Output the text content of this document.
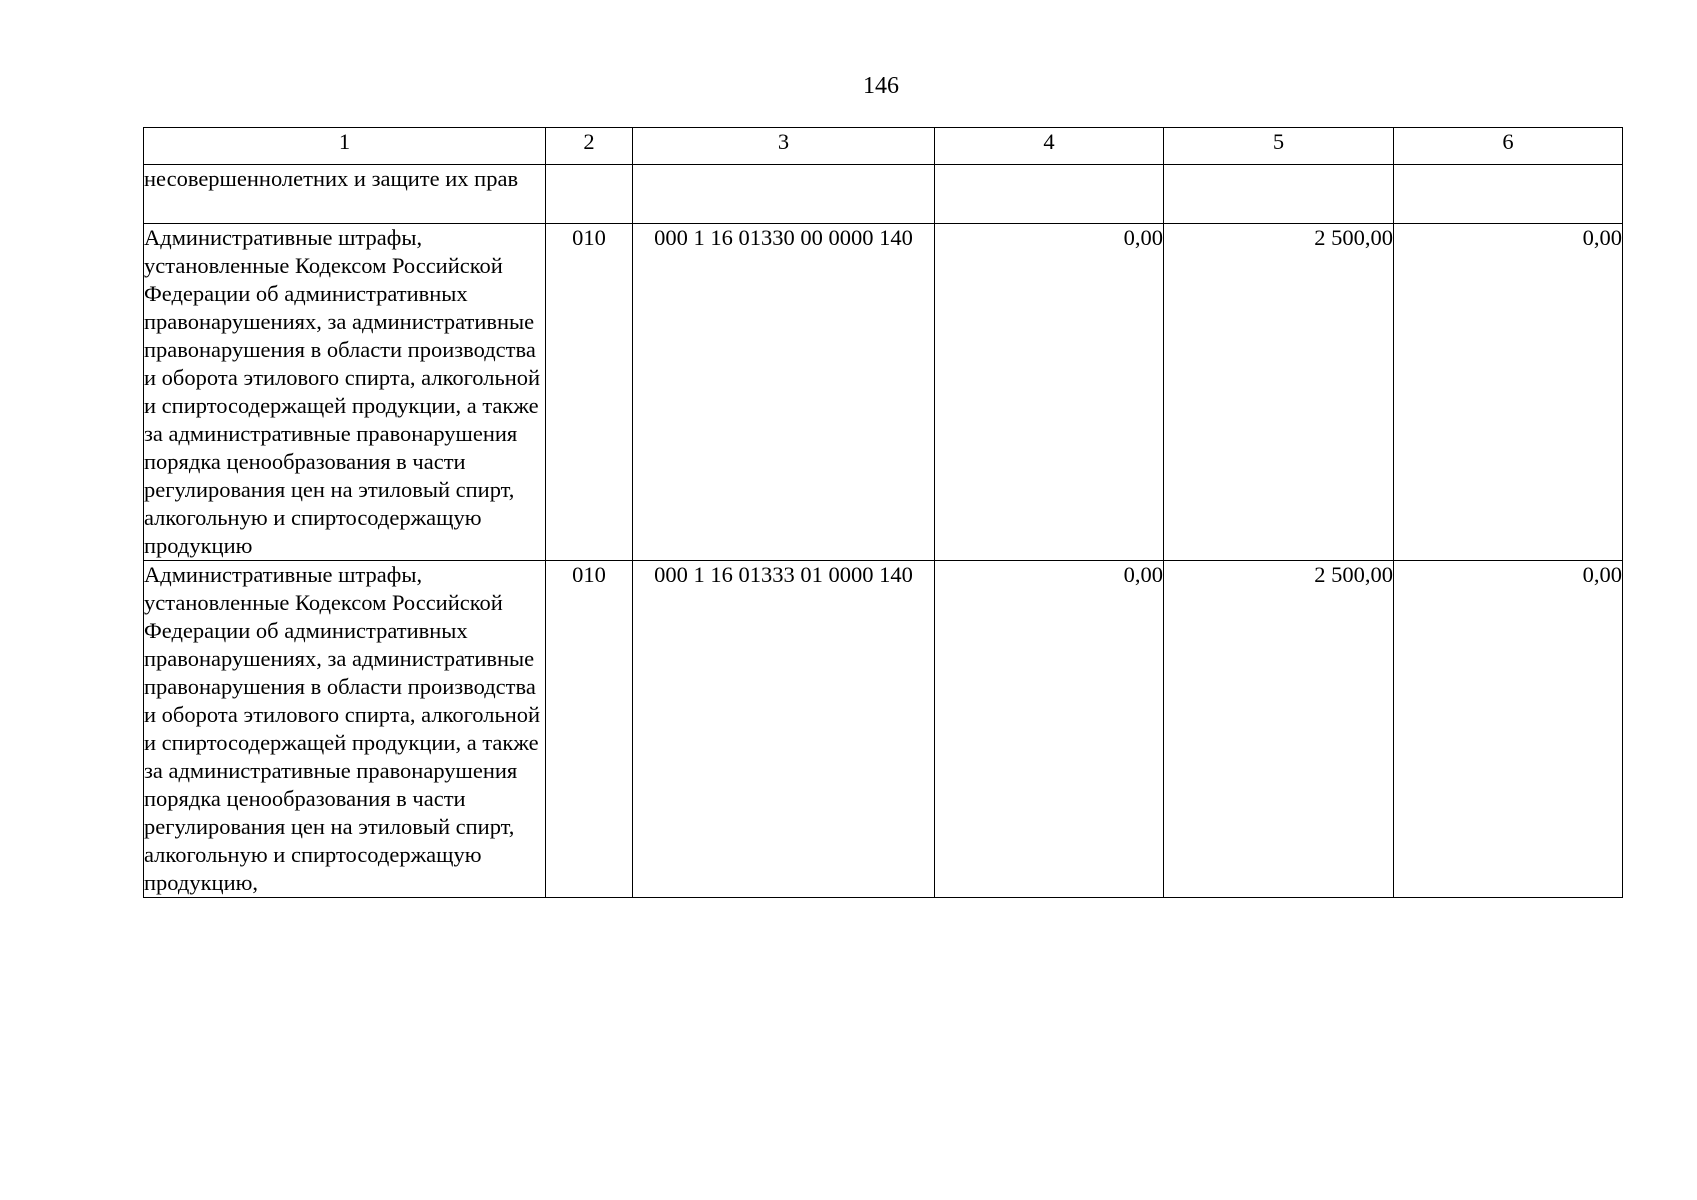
146
1	2	3	4	5	6
несовершеннолетних и защите их прав					
Административные штрафы, установленные Кодексом Российской Федерации об административных правонарушениях, за административные правонарушения в области производства и оборота этилового спирта, алкогольной и спиртосодержащей продукции, а также за административные правонарушения порядка ценообразования в части регулирования цен на этиловый спирт, алкогольную и спиртосодержащую продукцию	010	000 1 16 01330 00 0000 140	0,00	2 500,00	0,00
Административные штрафы, установленные Кодексом Российской Федерации об административных правонарушениях, за административные правонарушения в области производства и оборота этилового спирта, алкогольной и спиртосодержащей продукции, а также за административные правонарушения порядка ценообразования в части регулирования цен на этиловый спирт, алкогольную и спиртосодержащую продукцию,	010	000 1 16 01333 01 0000 140	0,00	2 500,00	0,00
